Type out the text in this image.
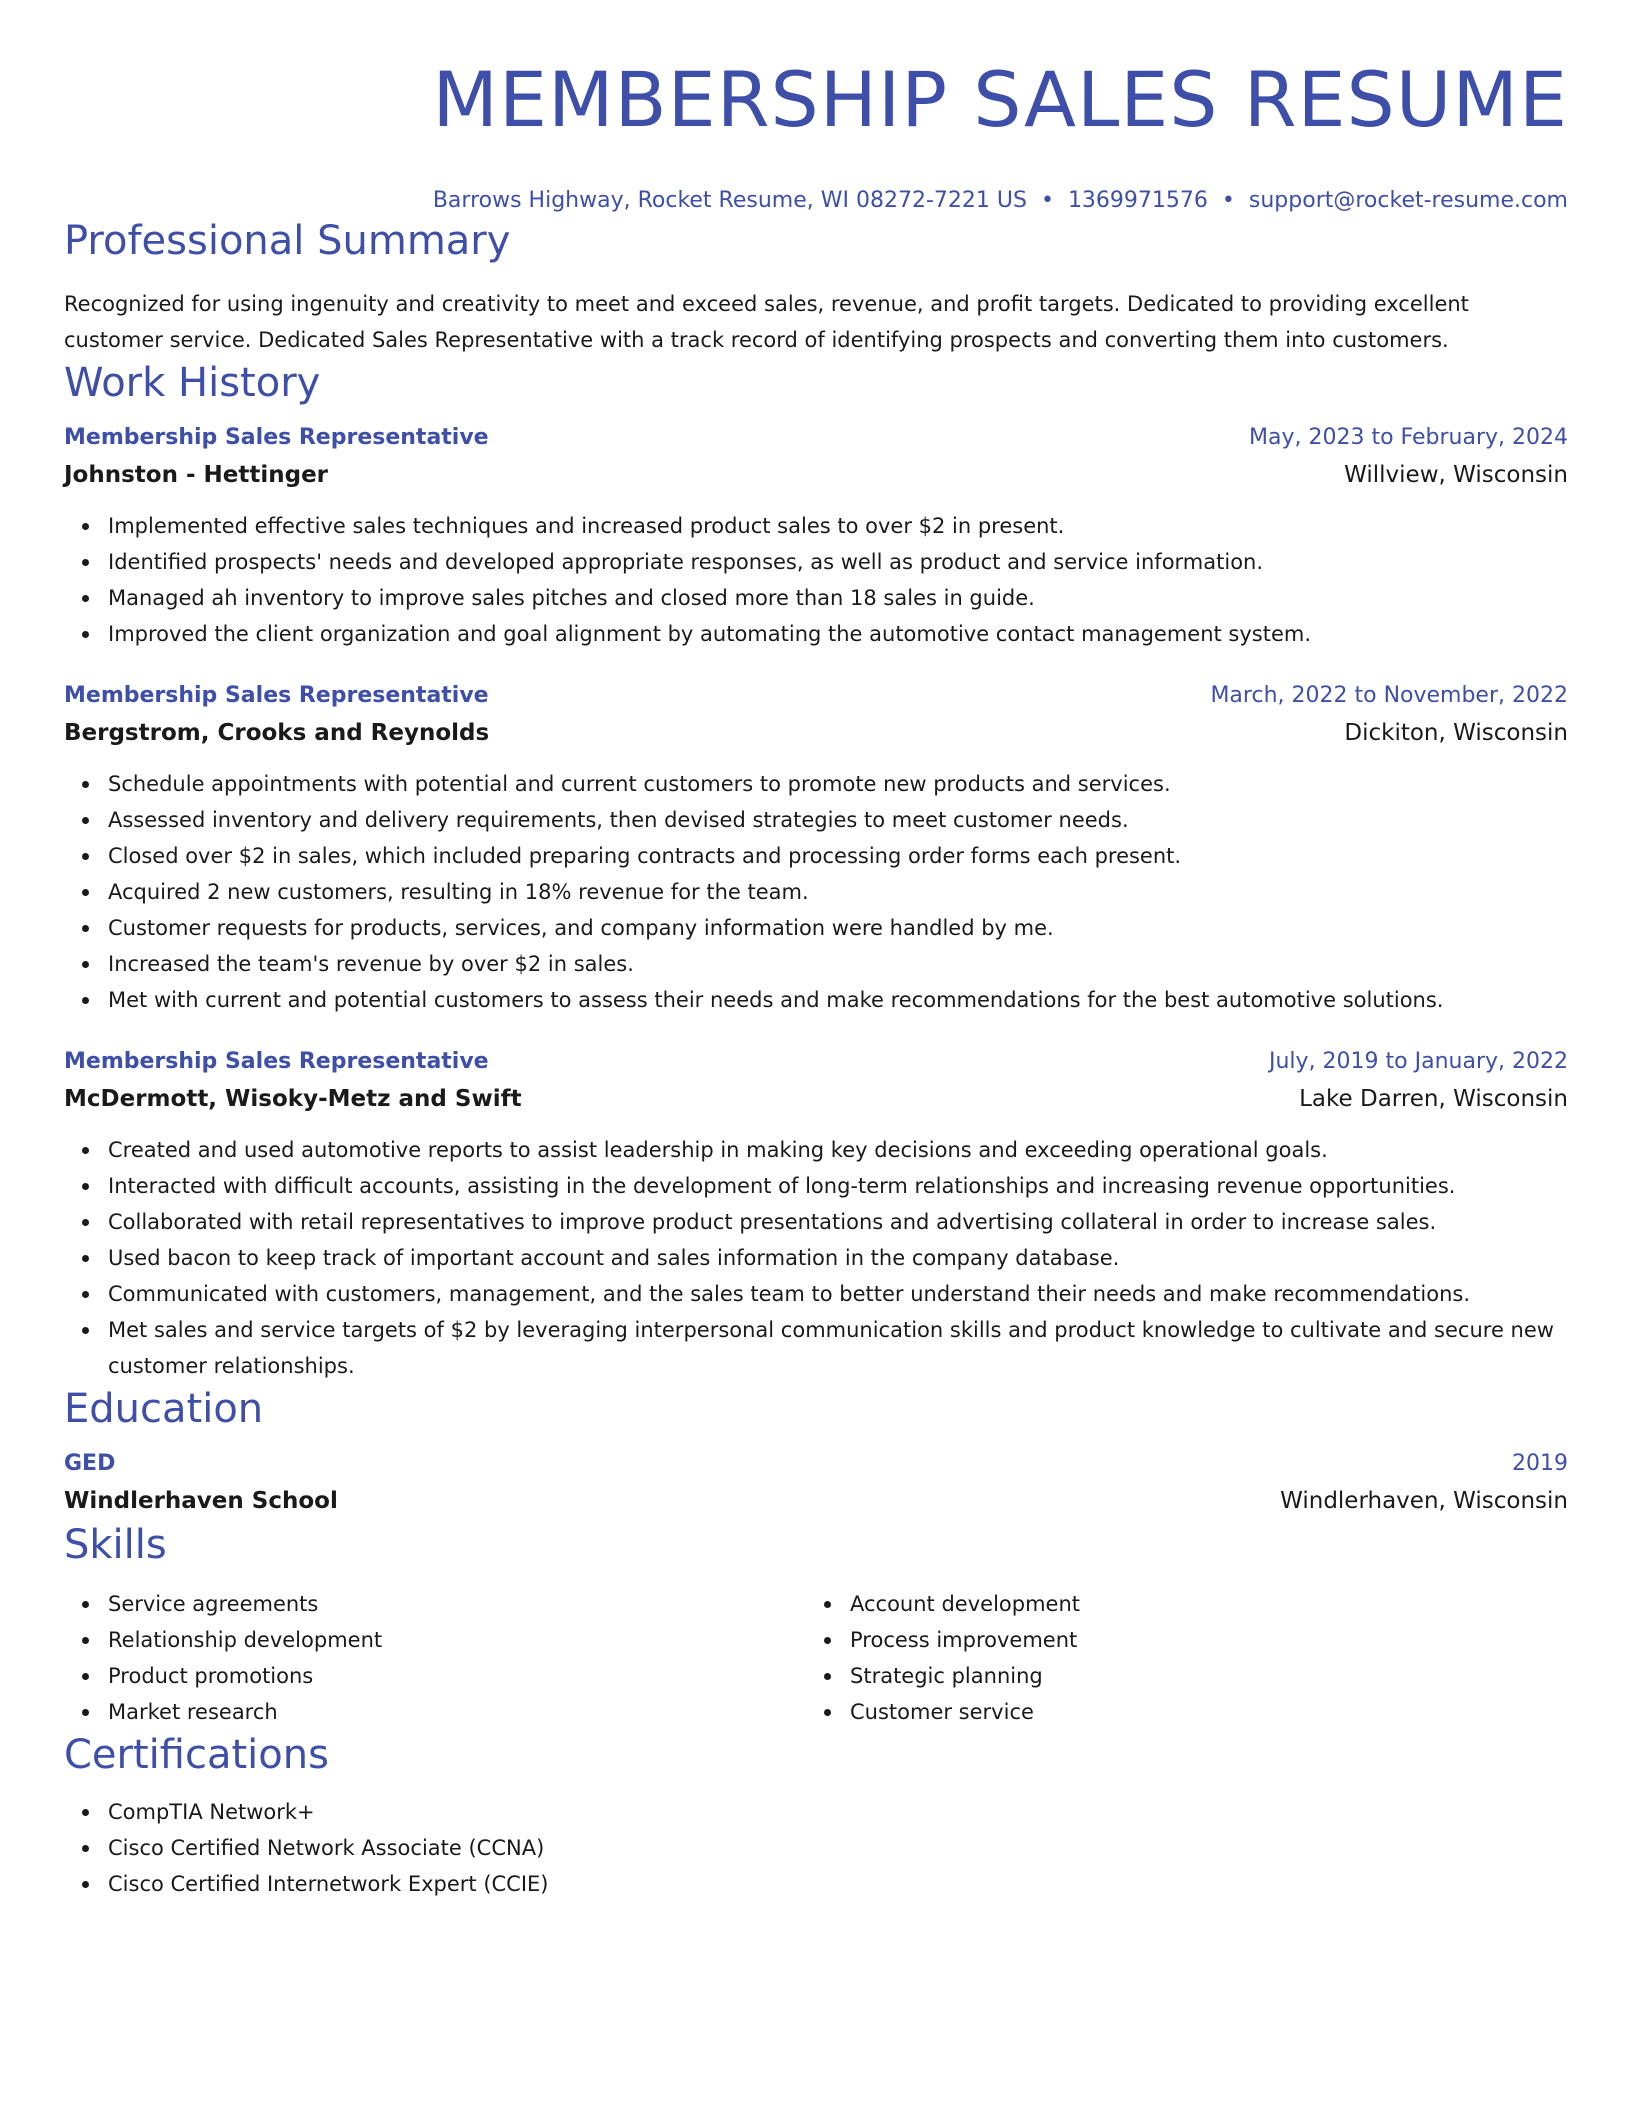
MEMBERSHIP SALES RESUME
Barrows Highway, Rocket Resume, WI 08272-7221 US • 1369971576 • support@rocket-resume.com
Professional Summary
Recognized for using ingenuity and creativity to meet and exceed sales, revenue, and profit targets. Dedicated to providing excellent customer service. Dedicated Sales Representative with a track record of identifying prospects and converting them into customers.
Work History
Membership Sales Representative	May, 2023 to February, 2024
Johnston - Hettinger	Willview, Wisconsin
Implemented effective sales techniques and increased product sales to over $2 in present.
Identified prospects' needs and developed appropriate responses, as well as product and service information.
Managed ah inventory to improve sales pitches and closed more than 18 sales in guide.
Improved the client organization and goal alignment by automating the automotive contact management system.
Membership Sales Representative	March, 2022 to November, 2022
Bergstrom, Crooks and Reynolds	Dickiton, Wisconsin
Schedule appointments with potential and current customers to promote new products and services.
Assessed inventory and delivery requirements, then devised strategies to meet customer needs.
Closed over $2 in sales, which included preparing contracts and processing order forms each present.
Acquired 2 new customers, resulting in 18% revenue for the team.
Customer requests for products, services, and company information were handled by me.
Increased the team's revenue by over $2 in sales.
Met with current and potential customers to assess their needs and make recommendations for the best automotive solutions.
Membership Sales Representative	July, 2019 to January, 2022
McDermott, Wisoky-Metz and Swift	Lake Darren, Wisconsin
Created and used automotive reports to assist leadership in making key decisions and exceeding operational goals.
Interacted with difficult accounts, assisting in the development of long-term relationships and increasing revenue opportunities.
Collaborated with retail representatives to improve product presentations and advertising collateral in order to increase sales.
Used bacon to keep track of important account and sales information in the company database.
Communicated with customers, management, and the sales team to better understand their needs and make recommendations.
Met sales and service targets of $2 by leveraging interpersonal communication skills and product knowledge to cultivate and secure new customer relationships.
Education
GED	2019
Windlerhaven School	Windlerhaven, Wisconsin
Skills
Service agreements
Relationship development
Product promotions
Market research
Account development
Process improvement
Strategic planning
Customer service
Certifications
CompTIA Network+
Cisco Certified Network Associate (CCNA)
Cisco Certified Internetwork Expert (CCIE)
